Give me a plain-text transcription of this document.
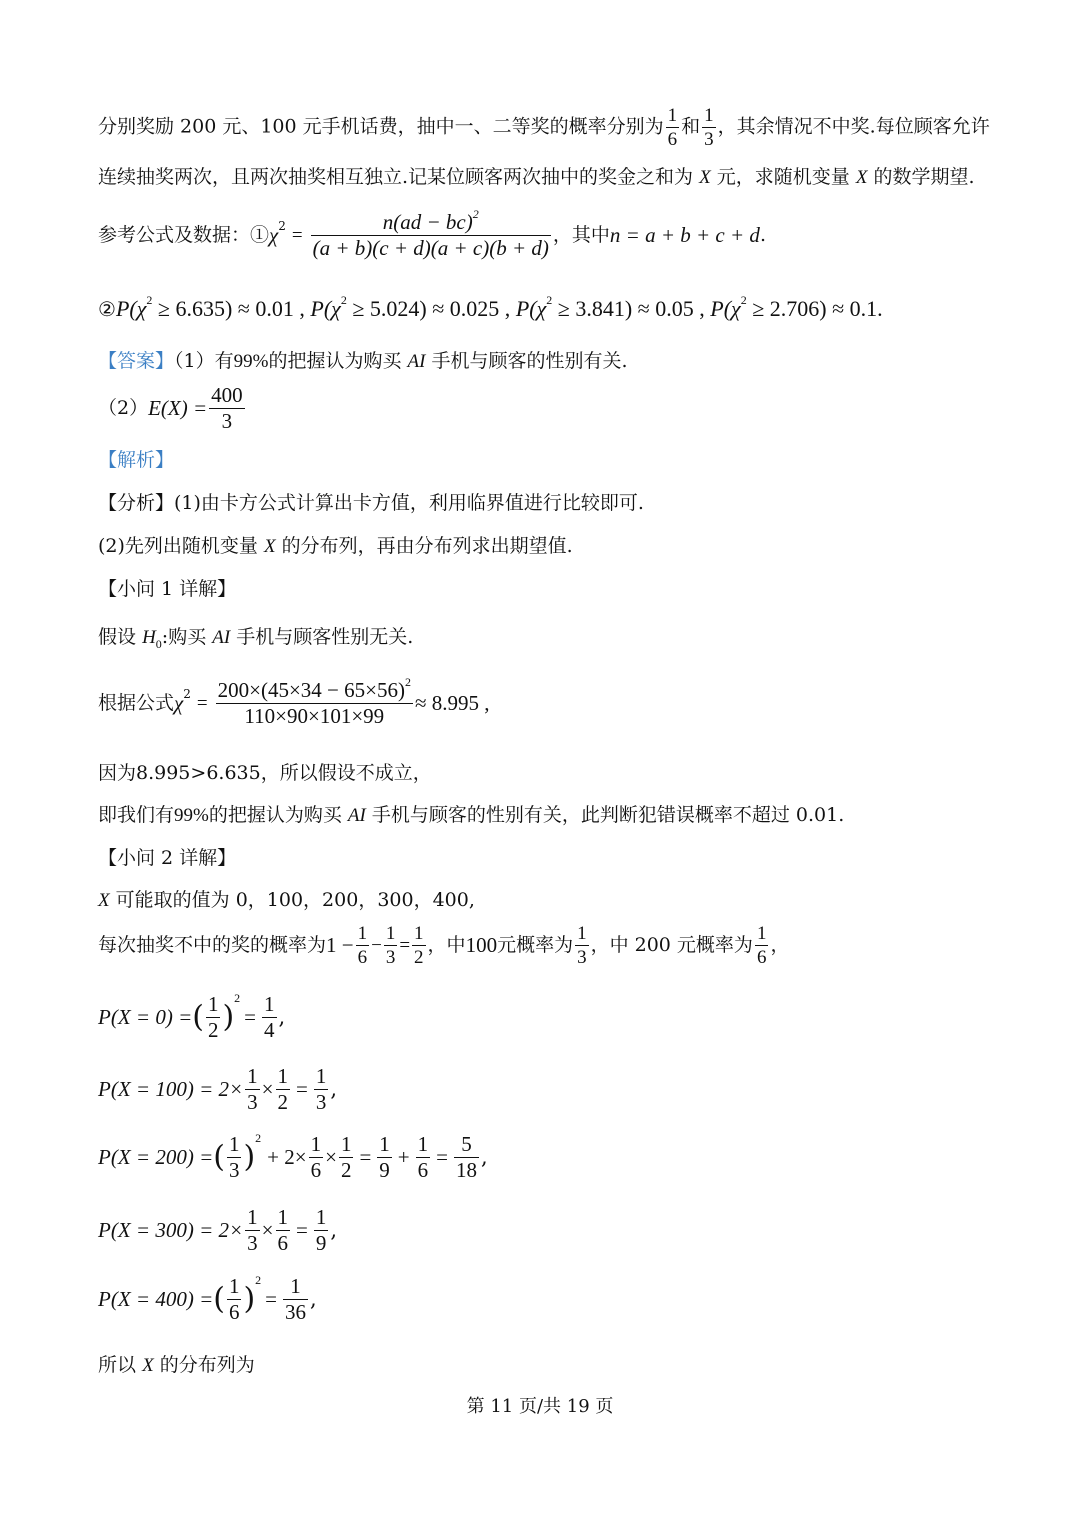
分别奖励 200 元、100 元手机话费，抽中一、二等奖的概率分别为 $\frac{1}{6}$ 和 $\frac{1}{3}$ ，其余情况不中奖.每位顾客允许
连续抽奖两次，且两次抽奖相互独立.记某位顾客两次抽中的奖金之和为 X 元，求随机变量 X 的数学期望.
参考公式及数据：$①\chi^2 = \frac{n(ad - bc)^2}{(a + b)(c + d)(a + c)(b + d)}$ ，其中n = a + b + c + d.
$②P(\chi^2 \ge 6.635) \approx 0.01$ , $P(\chi^2 \ge 5.024) \approx 0.025$ , $P(\chi^2 \ge 3.841) \approx 0.05$ , $P(\chi^2 \ge 2.706) \approx 0.1$.
【答案】（1）有99%的把握认为购买 AI 手机与顾客的性别有关.
$(2)E(X) = \frac{400}{3}$
【解析】
【分析】(1)由卡方公式计算出卡方值，利用临界值进行比较即可.
(2)先列出随机变量 X 的分布列，再由分布列求出期望值.
【小问 1 详解】
假设 $H_0$:购买 AI 手机与顾客性别无关.
根据公式$\chi^2 = \frac{200\times(45\times 34 - 65\times 56)^2}{110\times 90\times 101\times 99} \approx 8.995$ ,
因为8.995>6.635，所以假设不成立，
即我们有99%的把握认为购买 AI 手机与顾客的性别有关，此判断犯错误概率不超过 0.01.
【小问 2 详解】
X 可能取的值为 0，100，200，300，400,
每次抽奖不中的奖的概率为$1 - \frac{1}{6} - \frac{1}{3} = \frac{1}{2}$ ，中100元概率为 $\frac{1}{3}$ ，中 200 元概率为 $\frac{1}{6}$ ，
P(X = 0) =( $\frac{1}{2} )^2= \frac{1}{4}$ ,
$P(X = 100) = 2\times \frac{1}{3} \times \frac{1}{2} = \frac{1}{3}$ ,
P(X = 200) =( $\frac{1}{3} )^2+ 2\times \frac{1}{6} \times \frac{1}{2} = \frac{1}{9} + \frac{1}{6} = \frac{5}{18}$ ,
$P(X = 300) = 2\times \frac{1}{3} \times \frac{1}{6} = \frac{1}{9}$ ,
P(X = 400) =( $\frac{1}{6} )^2= \frac{1}{36}$ ,
所以 X 的分布列为
第 11 页/共 19 页
